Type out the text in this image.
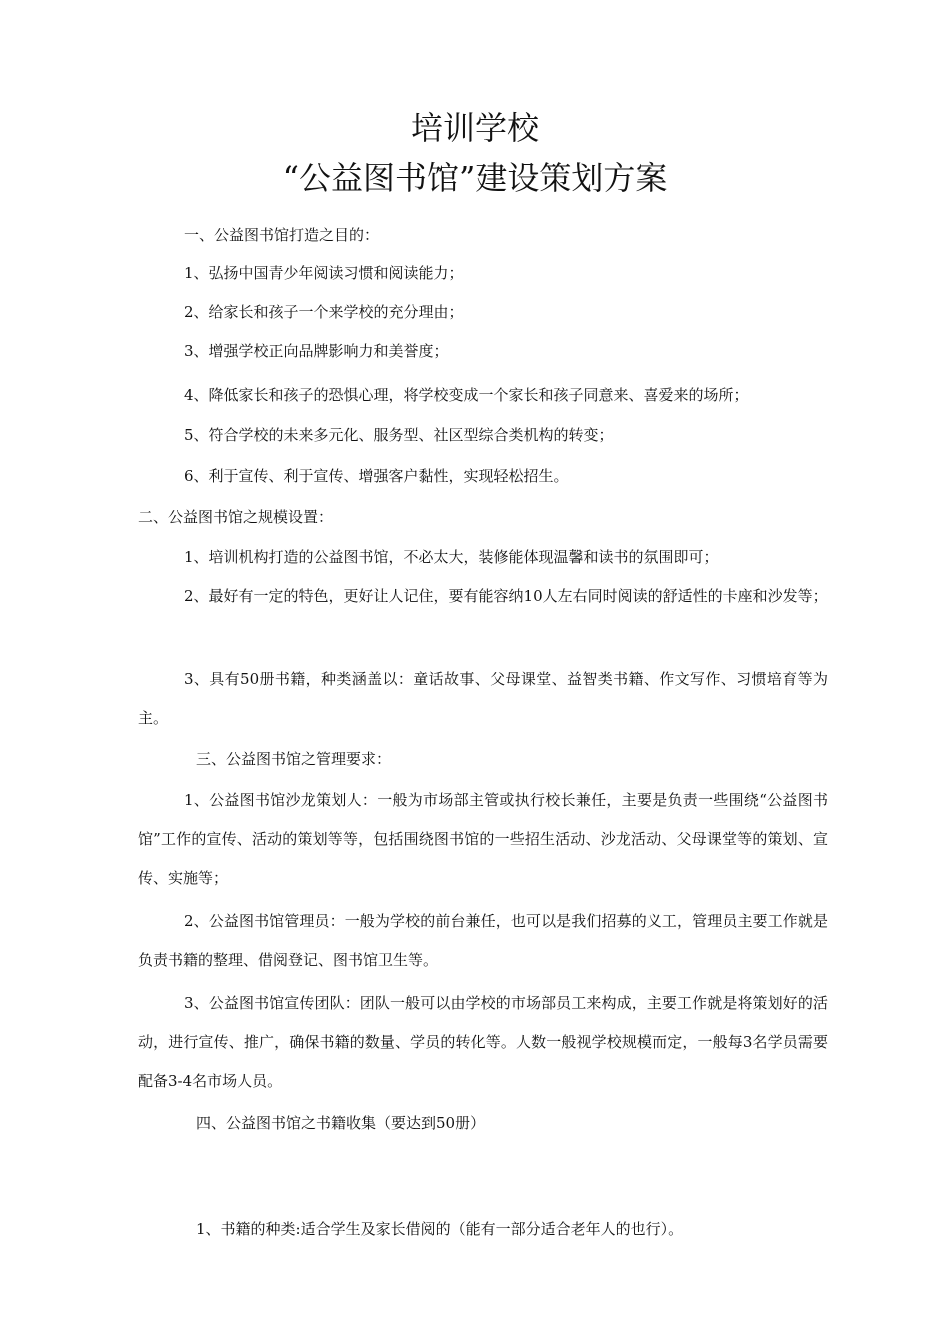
培训学校
“公益图书馆”建设策划方案
一、公益图书馆打造之目的：
1、弘扬中国青少年阅读习惯和阅读能力；
2、给家长和孩子一个来学校的充分理由；
3、增强学校正向品牌影响力和美誉度；
4、降低家长和孩子的恐惧心理，将学校变成一个家长和孩子同意来、喜爱来的场所；
5、符合学校的未来多元化、服务型、社区型综合类机构的转变；
6、利于宣传、利于宣传、增强客户黏性，实现轻松招生。
二、公益图书馆之规模设置：
1、培训机构打造的公益图书馆，不必太大，装修能体现温馨和读书的氛围即可；
2、最好有一定的特色，更好让人记住，要有能容纳10人左右同时阅读的舒适性的卡座和沙发等；
3、具有50册书籍，种类涵盖以：童话故事、父母课堂、益智类书籍、作文写作、习惯培育等为主。
三、公益图书馆之管理要求：
1、公益图书馆沙龙策划人：一般为市场部主管或执行校长兼任，主要是负责一些围绕“公益图书馆”工作的宣传、活动的策划等等，包括围绕图书馆的一些招生活动、沙龙活动、父母课堂等的策划、宣传、实施等；
2、公益图书馆管理员：一般为学校的前台兼任，也可以是我们招募的义工，管理员主要工作就是负责书籍的整理、借阅登记、图书馆卫生等。
3、公益图书馆宣传团队：团队一般可以由学校的市场部员工来构成，主要工作就是将策划好的活动，进行宣传、推广，确保书籍的数量、学员的转化等。人数一般视学校规模而定，一般每3名学员需要配备3-4名市场人员。
四、公益图书馆之书籍收集（要达到50册）
1、书籍的种类:适合学生及家长借阅的（能有一部分适合老年人的也行）。
